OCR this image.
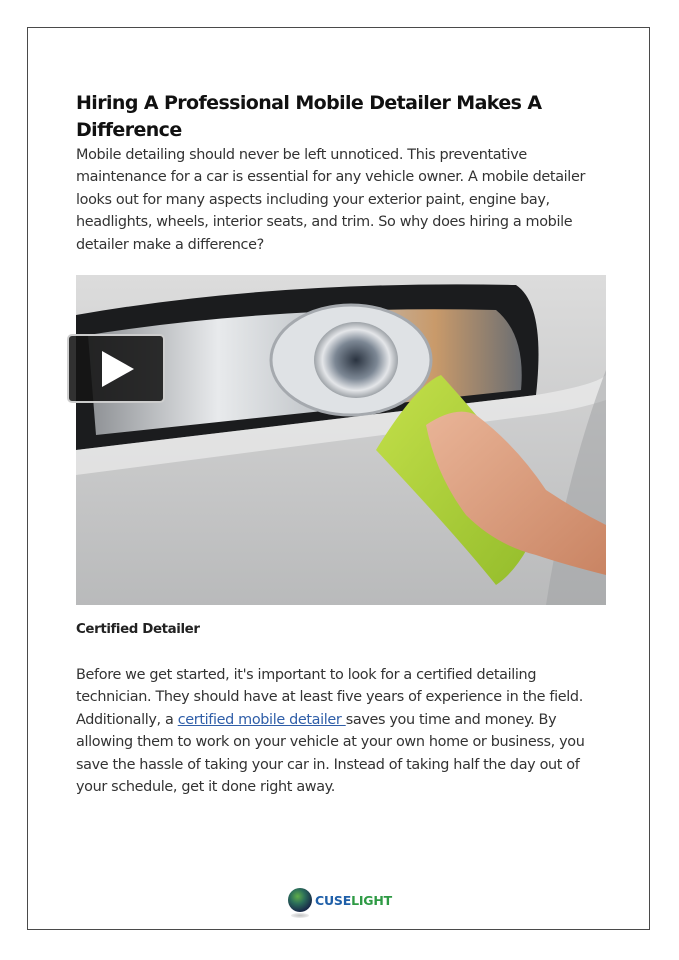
Hiring A Professional Mobile Detailer Makes A Difference

Mobile detailing should never be left unnoticed. This preventative maintenance for a car is essential for any vehicle owner. A mobile detailer looks out for many aspects including your exterior paint, engine bay, headlights, wheels, interior seats, and trim. So why does hiring a mobile detailer make a difference?

Certified Detailer

Before we get started, it's important to look for a certified detailing technician. They should have at least five years of experience in the field. Additionally, a certified mobile detailer saves you time and money. By allowing them to work on your vehicle at your own home or business, you save the hassle of taking your car in. Instead of taking half the day out of your schedule, get it done right away.

CUSELIGHT
